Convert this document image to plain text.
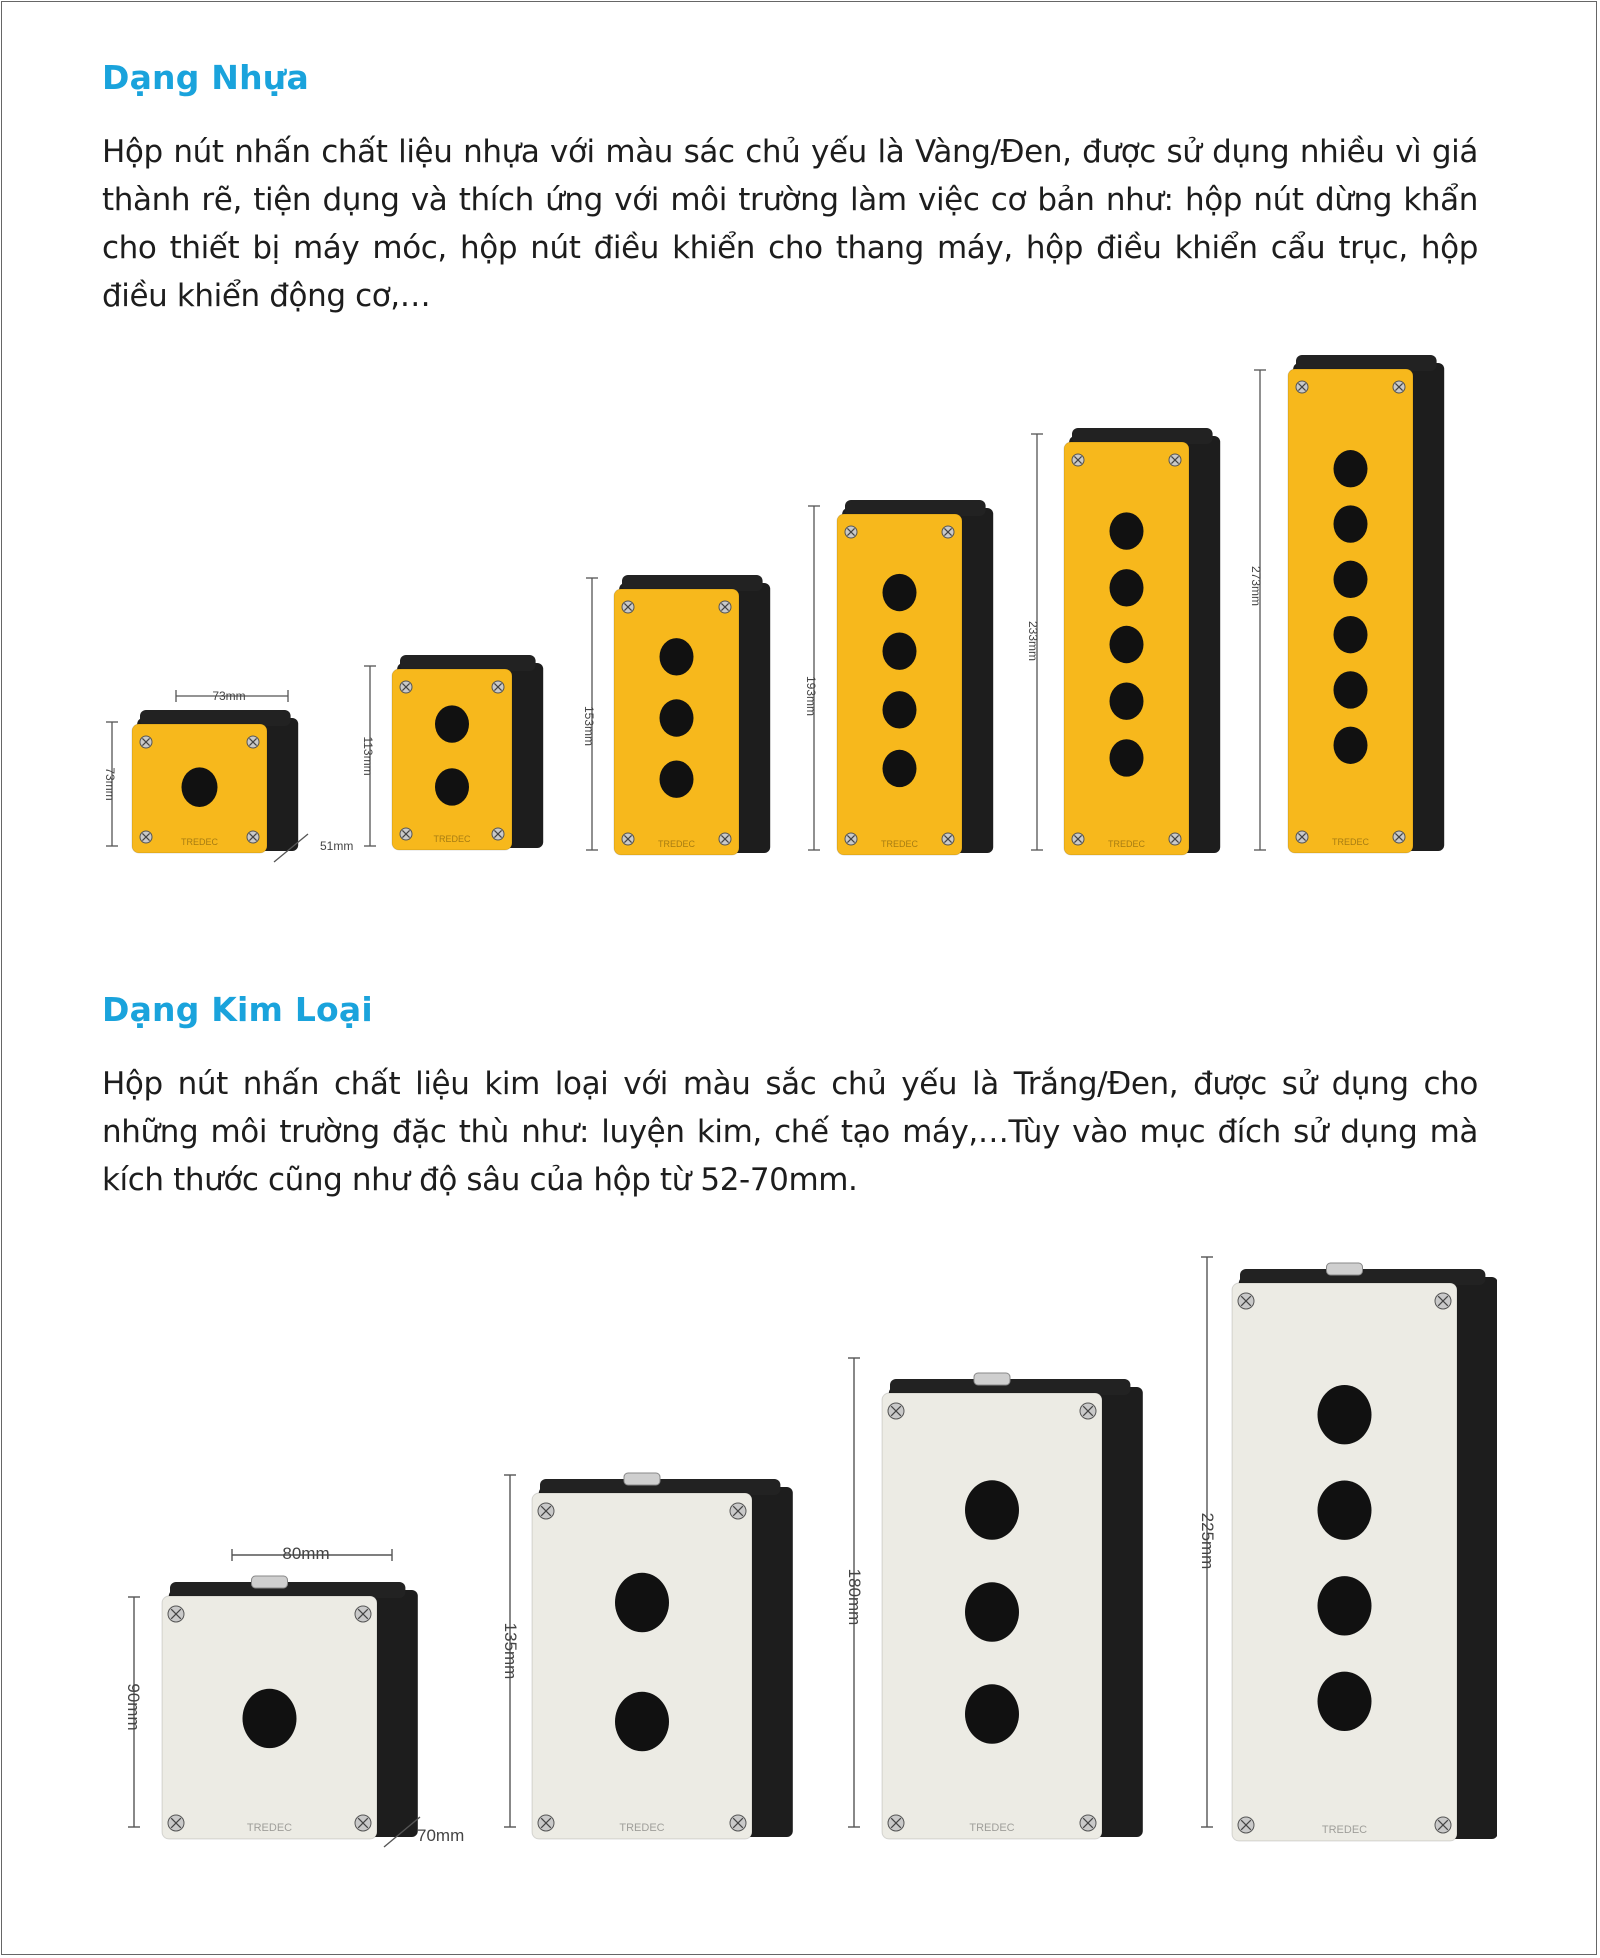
Dạng Nhựa

Hộp nút nhấn chất liệu nhựa với màu sác chủ yếu là Vàng/Đen, được sử dụng nhiều vì giá thành rẽ, tiện dụng và thích ứng với môi trường làm việc cơ bản như: hộp nút dừng khẩn cho thiết bị máy móc, hộp nút điều khiển cho thang máy, hộp điều khiển cẩu trục, hộp điều khiển động cơ,…

TREDEC	TREDEC	TREDEC	TREDEC	TREDEC	TREDEC
73mm
51mm
73mm
113mm
153mm
193mm
233mm
273mm
Dạng Kim Loại

Hộp nút nhấn chất liệu kim loại với màu sắc chủ yếu là Trắng/Đen, được sử dụng cho những môi trường đặc thù như: luyện kim, chế tạo máy,…Tùy vào mục đích sử dụng mà kích thước cũng như độ sâu của hộp từ 52-70mm.

TREDEC	TREDEC	TREDEC	TREDEC
80mm
70mm
90mm
135mm
180mm
225mm
